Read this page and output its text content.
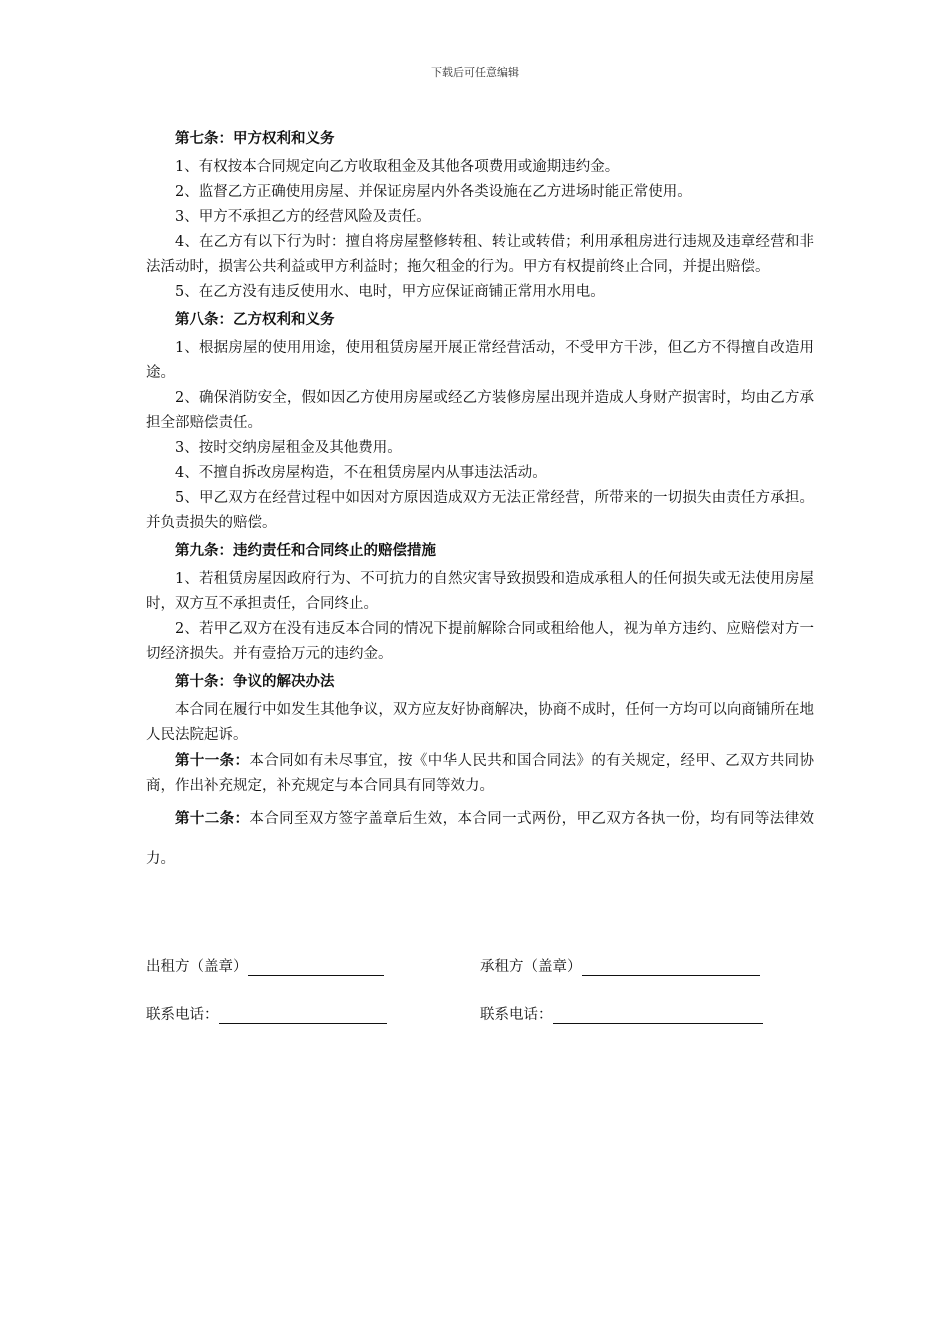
下载后可任意编辑

第七条：甲方权利和义务

1、有权按本合同规定向乙方收取租金及其他各项费用或逾期违约金。

2、监督乙方正确使用房屋、并保证房屋内外各类设施在乙方进场时能正常使用。

3、甲方不承担乙方的经营风险及责任。

4、在乙方有以下行为时：擅自将房屋整修转租、转让或转借；利用承租房进行违规及违章经营和非法活动时，损害公共利益或甲方利益时；拖欠租金的行为。甲方有权提前终止合同，并提出赔偿。

5、在乙方没有违反使用水、电时，甲方应保证商铺正常用水用电。

第八条：乙方权利和义务

1、根据房屋的使用用途，使用租赁房屋开展正常经营活动，不受甲方干涉，但乙方不得擅自改造用途。

2、确保消防安全，假如因乙方使用房屋或经乙方装修房屋出现并造成人身财产损害时，均由乙方承担全部赔偿责任。

3、按时交纳房屋租金及其他费用。

4、不擅自拆改房屋构造，不在租赁房屋内从事违法活动。

5、甲乙双方在经营过程中如因对方原因造成双方无法正常经营，所带来的一切损失由责任方承担。并负责损失的赔偿。

第九条：违约责任和合同终止的赔偿措施

1、若租赁房屋因政府行为、不可抗力的自然灾害导致损毁和造成承租人的任何损失或无法使用房屋时，双方互不承担责任，合同终止。

2、若甲乙双方在没有违反本合同的情况下提前解除合同或租给他人，视为单方违约、应赔偿对方一切经济损失。并有壹拾万元的违约金。

第十条：争议的解决办法

本合同在履行中如发生其他争议，双方应友好协商解决，协商不成时，任何一方均可以向商铺所在地人民法院起诉。

第十一条：本合同如有未尽事宜，按《中华人民共和国合同法》的有关规定，经甲、乙双方共同协商，作出补充规定，补充规定与本合同具有同等效力。

第十二条：本合同至双方签字盖章后生效，本合同一式两份，甲乙双方各执一份，均有同等法律效力。

出租方（盖章）	承租方（盖章）
联系电话：	联系电话：
